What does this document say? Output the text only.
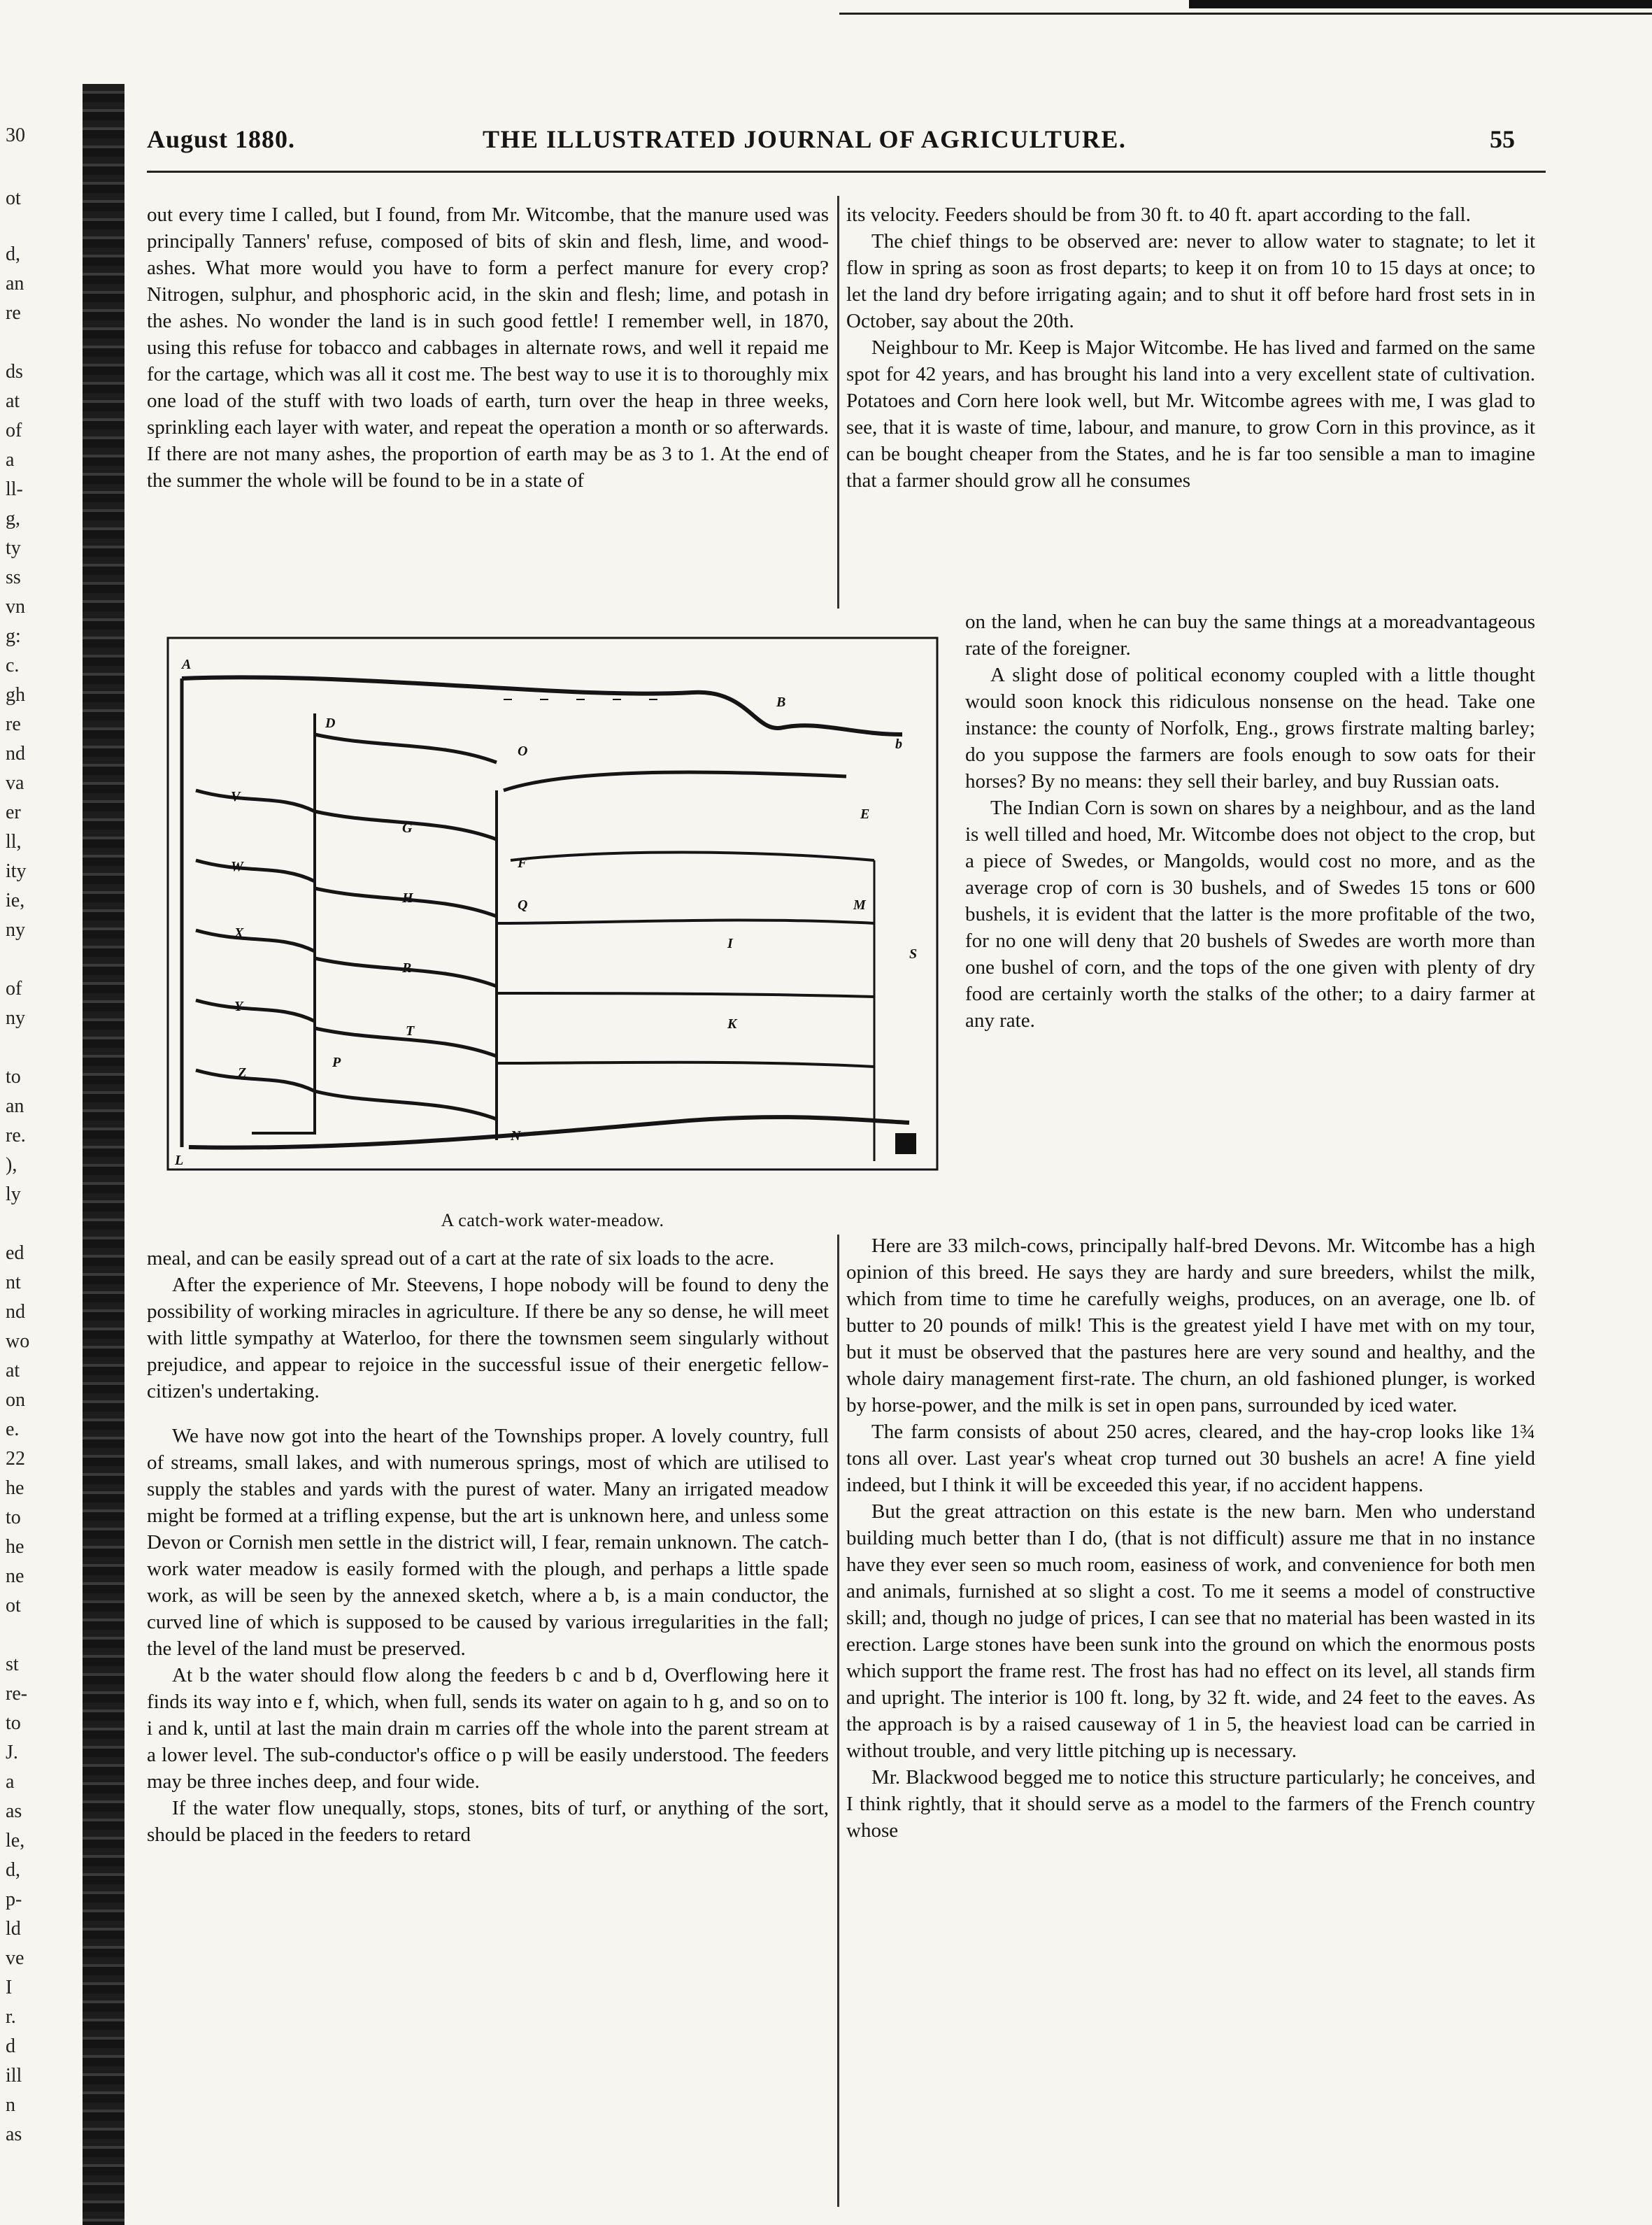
30
ot
d,
an
re
ds
at
of
a
ll-
g,
ty
ss
vn
g:
c.
gh
re
nd
va
er
ll,
ity
ie,
ny
of
ny
to
an
re.
),
ly
ed
nt
nd
wo
at
on
e.
22
he
to
he
ne
ot
st
re-
to
J.
a
as
le,
d,
p-
ld
ve
I
r.
d
ill
n
as
August 1880.	THE ILLUSTRATED JOURNAL OF AGRICULTURE.	55

out every time I called, but I found, from Mr. Witcombe, that the manure used was principally Tanners' refuse, composed of bits of skin and flesh, lime, and wood-ashes. What more would you have to form a perfect manure for every crop? Nitrogen, sulphur, and phosphoric acid, in the skin and flesh; lime, and potash in the ashes. No wonder the land is in such good fettle! I remember well, in 1870, using this refuse for tobacco and cabbages in alternate rows, and well it repaid me for the cartage, which was all it cost me. The best way to use it is to thoroughly mix one load of the stuff with two loads of earth, turn over the heap in three weeks, sprinkling each layer with water, and repeat the operation a month or so afterwards. If there are not many ashes, the proportion of earth may be as 3 to 1. At the end of the summer the whole will be found to be in a state of

its velocity. Feeders should be from 30 ft. to 40 ft. apart according to the fall.

The chief things to be observed are: never to allow water to stagnate; to let it flow in spring as soon as frost departs; to keep it on from 10 to 15 days at once; to let the land dry before irrigating again; and to shut it off before hard frost sets in in October, say about the 20th.

Neighbour to Mr. Keep is Major Witcombe. He has lived and farmed on the same spot for 42 years, and has brought his land into a very excellent state of cultivation. Potatoes and Corn here look well, but Mr. Witcombe agrees with me, I was glad to see, that it is waste of time, labour, and manure, to grow Corn in this province, as it can be bought cheaper from the States, and he is far too sensible a man to imagine that a farmer should grow all he consumes

A
B
b
D
O
V
W
X
Y
Z
L
P
T
G
H
R
F
E
Q	M
I
K
N
S

on the land, when he can buy the same things at a moreadvantageous rate of the foreigner.

A slight dose of political economy coupled with a little thought would soon knock this ridiculous nonsense on the head. Take one instance: the county of Norfolk, Eng., grows firstrate malting barley; do you suppose the farmers are fools enough to sow oats for their horses? By no means: they sell their barley, and buy Russian oats.

The Indian Corn is sown on shares by a neighbour, and as the land is well tilled and hoed, Mr. Witcombe does not object to the crop, but a piece of Swedes, or Mangolds, would cost no more, and as the average crop of corn is 30 bushels, and of Swedes 15 tons or 600 bushels, it is evident that the latter is the more profitable of the two, for no one will deny that 20 bushels of Swedes are worth more than one bushel of corn, and the tops of the one given with plenty of dry food are certainly worth the stalks of the other; to a dairy farmer at any rate.

A catch-work water-meadow.

meal, and can be easily spread out of a cart at the rate of six loads to the acre.

After the experience of Mr. Steevens, I hope nobody will be found to deny the possibility of working miracles in agriculture. If there be any so dense, he will meet with little sympathy at Waterloo, for there the townsmen seem singularly without prejudice, and appear to rejoice in the successful issue of their energetic fellow-citizen's undertaking.

We have now got into the heart of the Townships proper. A lovely country, full of streams, small lakes, and with numerous springs, most of which are utilised to supply the stables and yards with the purest of water. Many an irrigated meadow might be formed at a trifling expense, but the art is unknown here, and unless some Devon or Cornish men settle in the district will, I fear, remain unknown. The catch-work water meadow is easily formed with the plough, and perhaps a little spade work, as will be seen by the annexed sketch, where a b, is a main conductor, the curved line of which is supposed to be caused by various irregularities in the fall; the level of the land must be preserved.

At b the water should flow along the feeders b c and b d, Overflowing here it finds its way into e f, which, when full, sends its water on again to h g, and so on to i and k, until at last the main drain m carries off the whole into the parent stream at a lower level. The sub-conductor's office o p will be easily understood. The feeders may be three inches deep, and four wide.

If the water flow unequally, stops, stones, bits of turf, or anything of the sort, should be placed in the feeders to retard

Here are 33 milch-cows, principally half-bred Devons. Mr. Witcombe has a high opinion of this breed. He says they are hardy and sure breeders, whilst the milk, which from time to time he carefully weighs, produces, on an average, one lb. of butter to 20 pounds of milk! This is the greatest yield I have met with on my tour, but it must be observed that the pastures here are very sound and healthy, and the whole dairy management first-rate. The churn, an old fashioned plunger, is worked by horse-power, and the milk is set in open pans, surrounded by iced water.

The farm consists of about 250 acres, cleared, and the hay-crop looks like 1¾ tons all over. Last year's wheat crop turned out 30 bushels an acre! A fine yield indeed, but I think it will be exceeded this year, if no accident happens.

But the great attraction on this estate is the new barn. Men who understand building much better than I do, (that is not difficult) assure me that in no instance have they ever seen so much room, easiness of work, and convenience for both men and animals, furnished at so slight a cost. To me it seems a model of constructive skill; and, though no judge of prices, I can see that no material has been wasted in its erection. Large stones have been sunk into the ground on which the enormous posts which support the frame rest. The frost has had no effect on its level, all stands firm and upright. The interior is 100 ft. long, by 32 ft. wide, and 24 feet to the eaves. As the approach is by a raised causeway of 1 in 5, the heaviest load can be carried in without trouble, and very little pitching up is necessary.

Mr. Blackwood begged me to notice this structure particularly; he conceives, and I think rightly, that it should serve as a model to the farmers of the French country whose
